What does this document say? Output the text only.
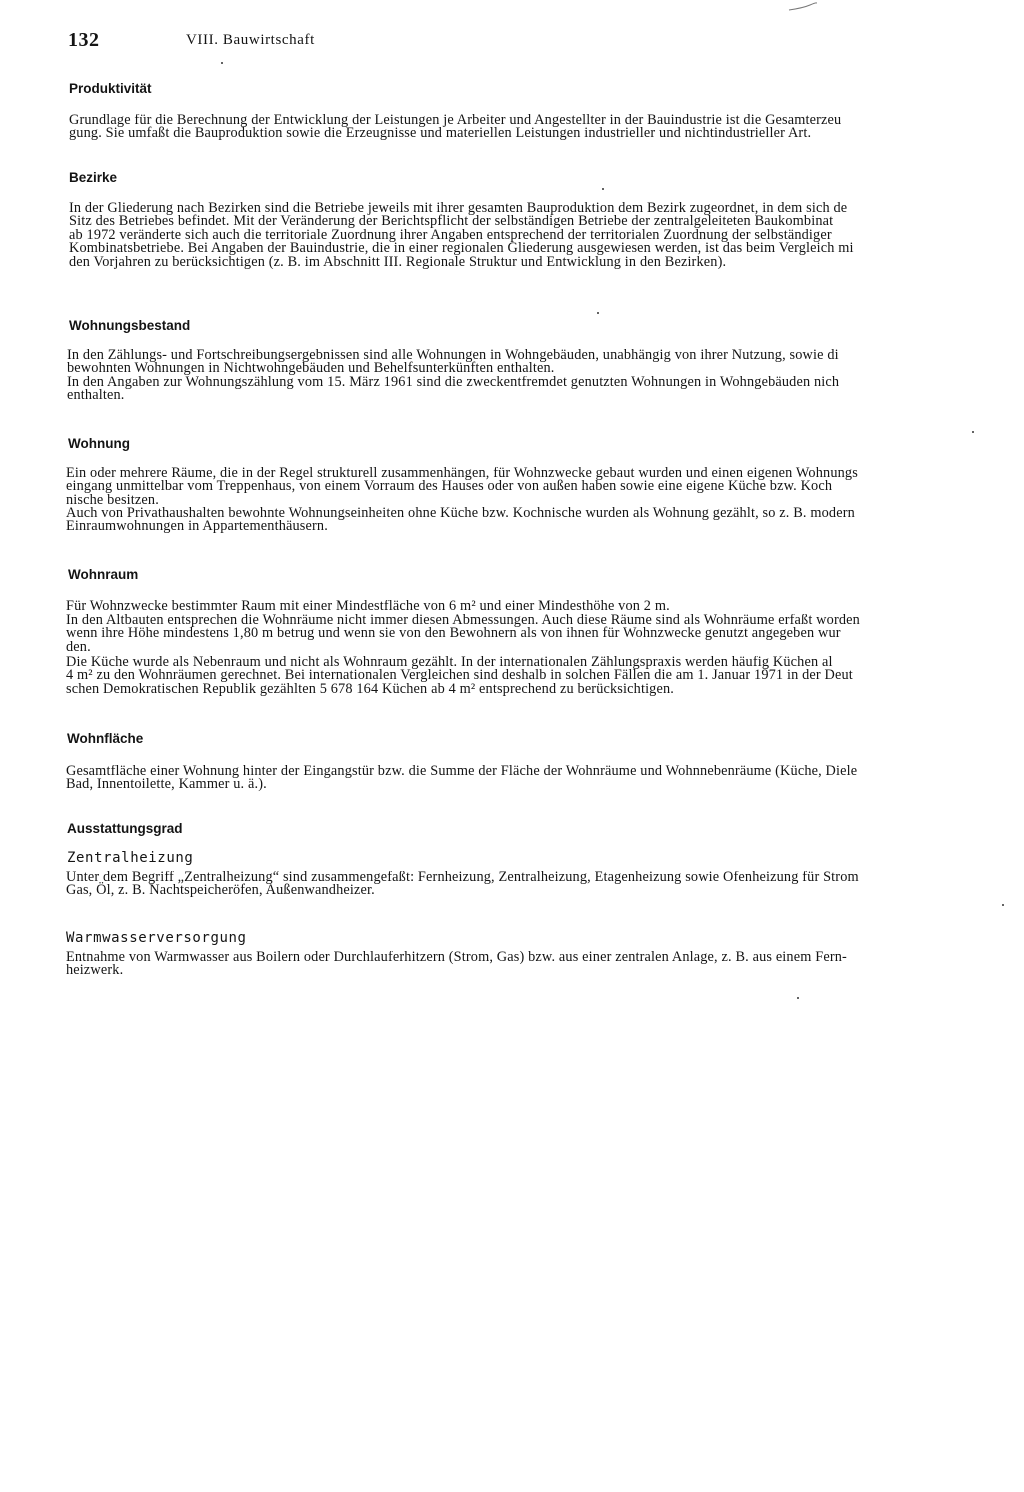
132	VIII. Bauwirtschaft
Produktivität
Grundlage für die Berechnung der Entwicklung der Leistungen je Arbeiter und Angestellter in der Bauindustrie ist die Gesamterzeu
gung. Sie umfaßt die Bauproduktion sowie die Erzeugnisse und materiellen Leistungen industrieller und nichtindustrieller Art.
Bezirke
In der Gliederung nach Bezirken sind die Betriebe jeweils mit ihrer gesamten Bauproduktion dem Bezirk zugeordnet, in dem sich de
Sitz des Betriebes befindet. Mit der Veränderung der Berichtspflicht der selbständigen Betriebe der zentralgeleiteten Baukombinat
ab 1972 veränderte sich auch die territoriale Zuordnung ihrer Angaben entsprechend der territorialen Zuordnung der selbständiger
Kombinatsbetriebe. Bei Angaben der Bauindustrie, die in einer regionalen Gliederung ausgewiesen werden, ist das beim Vergleich mi
den Vorjahren zu berücksichtigen (z. B. im Abschnitt III. Regionale Struktur und Entwicklung in den Bezirken).
Wohnungsbestand
In den Zählungs- und Fortschreibungsergebnissen sind alle Wohnungen in Wohngebäuden, unabhängig von ihrer Nutzung, sowie di
bewohnten Wohnungen in Nichtwohngebäuden und Behelfsunterkünften enthalten.
In den Angaben zur Wohnungszählung vom 15. März 1961 sind die zweckentfremdet genutzten Wohnungen in Wohngebäuden nich
enthalten.
Wohnung
Ein oder mehrere Räume, die in der Regel strukturell zusammenhängen, für Wohnzwecke gebaut wurden und einen eigenen Wohnungs
eingang unmittelbar vom Treppenhaus, von einem Vorraum des Hauses oder von außen haben sowie eine eigene Küche bzw. Koch
nische besitzen.
Auch von Privathaushalten bewohnte Wohnungseinheiten ohne Küche bzw. Kochnische wurden als Wohnung gezählt, so z. B. modern
Einraumwohnungen in Appartementhäusern.
Wohnraum
Für Wohnzwecke bestimmter Raum mit einer Mindestfläche von 6 m² und einer Mindesthöhe von 2 m.
In den Altbauten entsprechen die Wohnräume nicht immer diesen Abmessungen. Auch diese Räume sind als Wohnräume erfaßt worden
wenn ihre Höhe mindestens 1,80 m betrug und wenn sie von den Bewohnern als von ihnen für Wohnzwecke genutzt angegeben wur
den.
Die Küche wurde als Nebenraum und nicht als Wohnraum gezählt. In der internationalen Zählungspraxis werden häufig Küchen al
4 m² zu den Wohnräumen gerechnet. Bei internationalen Vergleichen sind deshalb in solchen Fällen die am 1. Januar 1971 in der Deut
schen Demokratischen Republik gezählten 5 678 164 Küchen ab 4 m² entsprechend zu berücksichtigen.
Wohnfläche
Gesamtfläche einer Wohnung hinter der Eingangstür bzw. die Summe der Fläche der Wohnräume und Wohnnebenräume (Küche, Diele
Bad, Innentoilette, Kammer u. ä.).
Ausstattungsgrad
Zentralheizung
Unter dem Begriff „Zentralheizung“ sind zusammengefaßt: Fernheizung, Zentralheizung, Etagenheizung sowie Ofenheizung für Strom
Gas, Öl, z. B. Nachtspeicheröfen, Außenwandheizer.
Warmwasserversorgung
Entnahme von Warmwasser aus Boilern oder Durchlauferhitzern (Strom, Gas) bzw. aus einer zentralen Anlage, z. B. aus einem Fern-
heizwerk.
